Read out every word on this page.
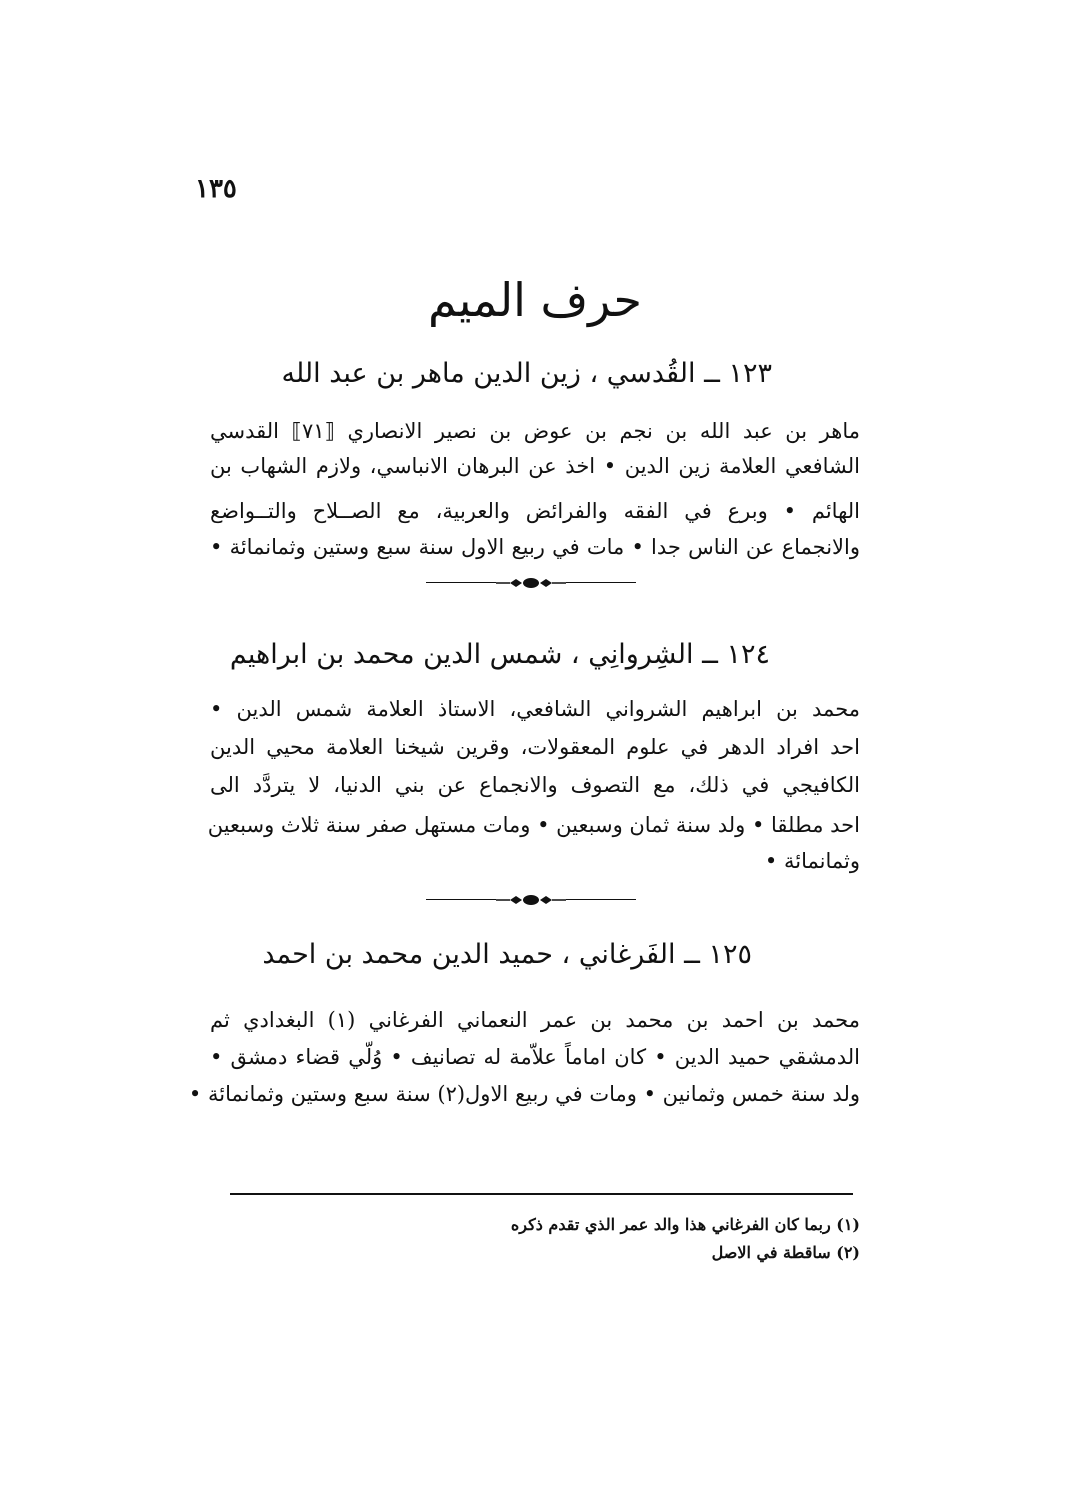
١٣٥
حرف الميم
١٢٣ ــ القُدسي ، زين الدين ماهر بن عبد الله
ماهر بن عبد الله بن نجم بن عوض بن نصير الانصاري ⟦٧١⟧ القدسي
الشافعي العلامة زين الدين • اخذ عن البرهان الانباسي، ولازم الشهاب بن
الهائم • وبرع في الفقه والفرائض والعربية، مع الصــلاح والتــواضع
والانجماع عن الناس جدا • مات في ربيع الاول سنة سبع وستين وثمانمائة •
١٢٤ ــ الشِروانِي ، شمس الدين محمد بن ابراهيم
محمد بن ابراهيم الشرواني الشافعي، الاستاذ العلامة شمس الدين •
احد افراد الدهر في علوم المعقولات، وقرين شيخنا العلامة محيي الدين
الكافيجي في ذلك، مع التصوف والانجماع عن بني الدنيا، لا يتردَّد الى
احد مطلقا • ولد سنة ثمان وسبعين • ومات مستهل صفر سنة ثلاث وسبعين
وثمانمائة •
١٢٥ ــ الفَرغاني ، حميد الدين محمد بن احمد
محمد بن احمد بن محمد بن عمر النعماني الفرغاني (١) البغدادي ثم
الدمشقي حميد الدين • كان اماماً علاّمة له تصانيف • وُلّي قضاء دمشق •
ولد سنة خمس وثمانين • ومات في ربيع الاول(٢) سنة سبع وستين وثمانمائة •
(١) ربما كان الفرغاني هذا والد عمر الذي تقدم ذكره
(٢) ساقطة في الاصل
